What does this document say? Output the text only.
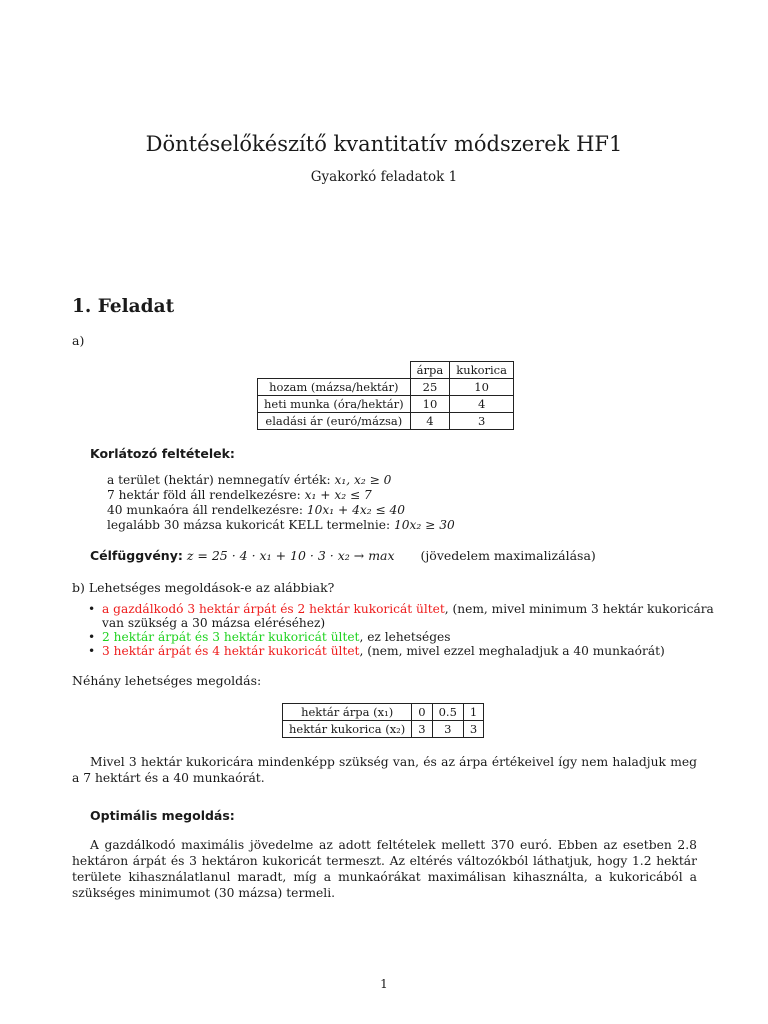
Döntéselőkészítő kvantitatív módszerek HF1
Gyakorkó feladatok 1
1. Feladat
a)
	árpa	kukorica
hozam (mázsa/hektár)	25	10
heti munka (óra/hektár)	10	4
eladási ár (euró/mázsa)	4	3
Korlátozó feltételek:
a terület (hektár) nemnegatív érték: x₁, x₂ ≥ 0
7 hektár föld áll rendelkezésre: x₁ + x₂ ≤ 7
40 munkaóra áll rendelkezésre: 10x₁ + 4x₂ ≤ 40
legalább 30 mázsa kukoricát KELL termelnie: 10x₂ ≥ 30
Célfüggvény: z = 25 · 4 · x₁ + 10 · 3 · x₂ → max (jövedelem maximalizálása)
b) Lehetséges megoldások-e az alábbiak?
• a gazdálkodó 3 hektár árpát és 2 hektár kukoricát ültet, (nem, mivel minimum 3 hektár kukoricára van szükség a 30 mázsa eléréséhez)
• 2 hektár árpát és 3 hektár kukoricát ültet, ez lehetséges
• 3 hektár árpát és 4 hektár kukoricát ültet, (nem, mivel ezzel meghaladjuk a 40 munkaórát)
Néhány lehetséges megoldás:
hektár árpa (x₁)	0	0.5	1
hektár kukorica (x₂)	3	3	3
Mivel 3 hektár kukoricára mindenképp szükség van, és az árpa értékeivel így nem haladjuk meg a 7 hektárt és a 40 munkaórát.
Optimális megoldás:
A gazdálkodó maximális jövedelme az adott feltételek mellett 370 euró. Ebben az esetben 2.8 hektáron árpát és 3 hektáron kukoricát termeszt. Az eltérés változókból láthatjuk, hogy 1.2 hektár területe kihasználatlanul maradt, míg a munkaórákat maximálisan kihasználta, a kukoricából a szükséges minimumot (30 mázsa) termeli.
1
